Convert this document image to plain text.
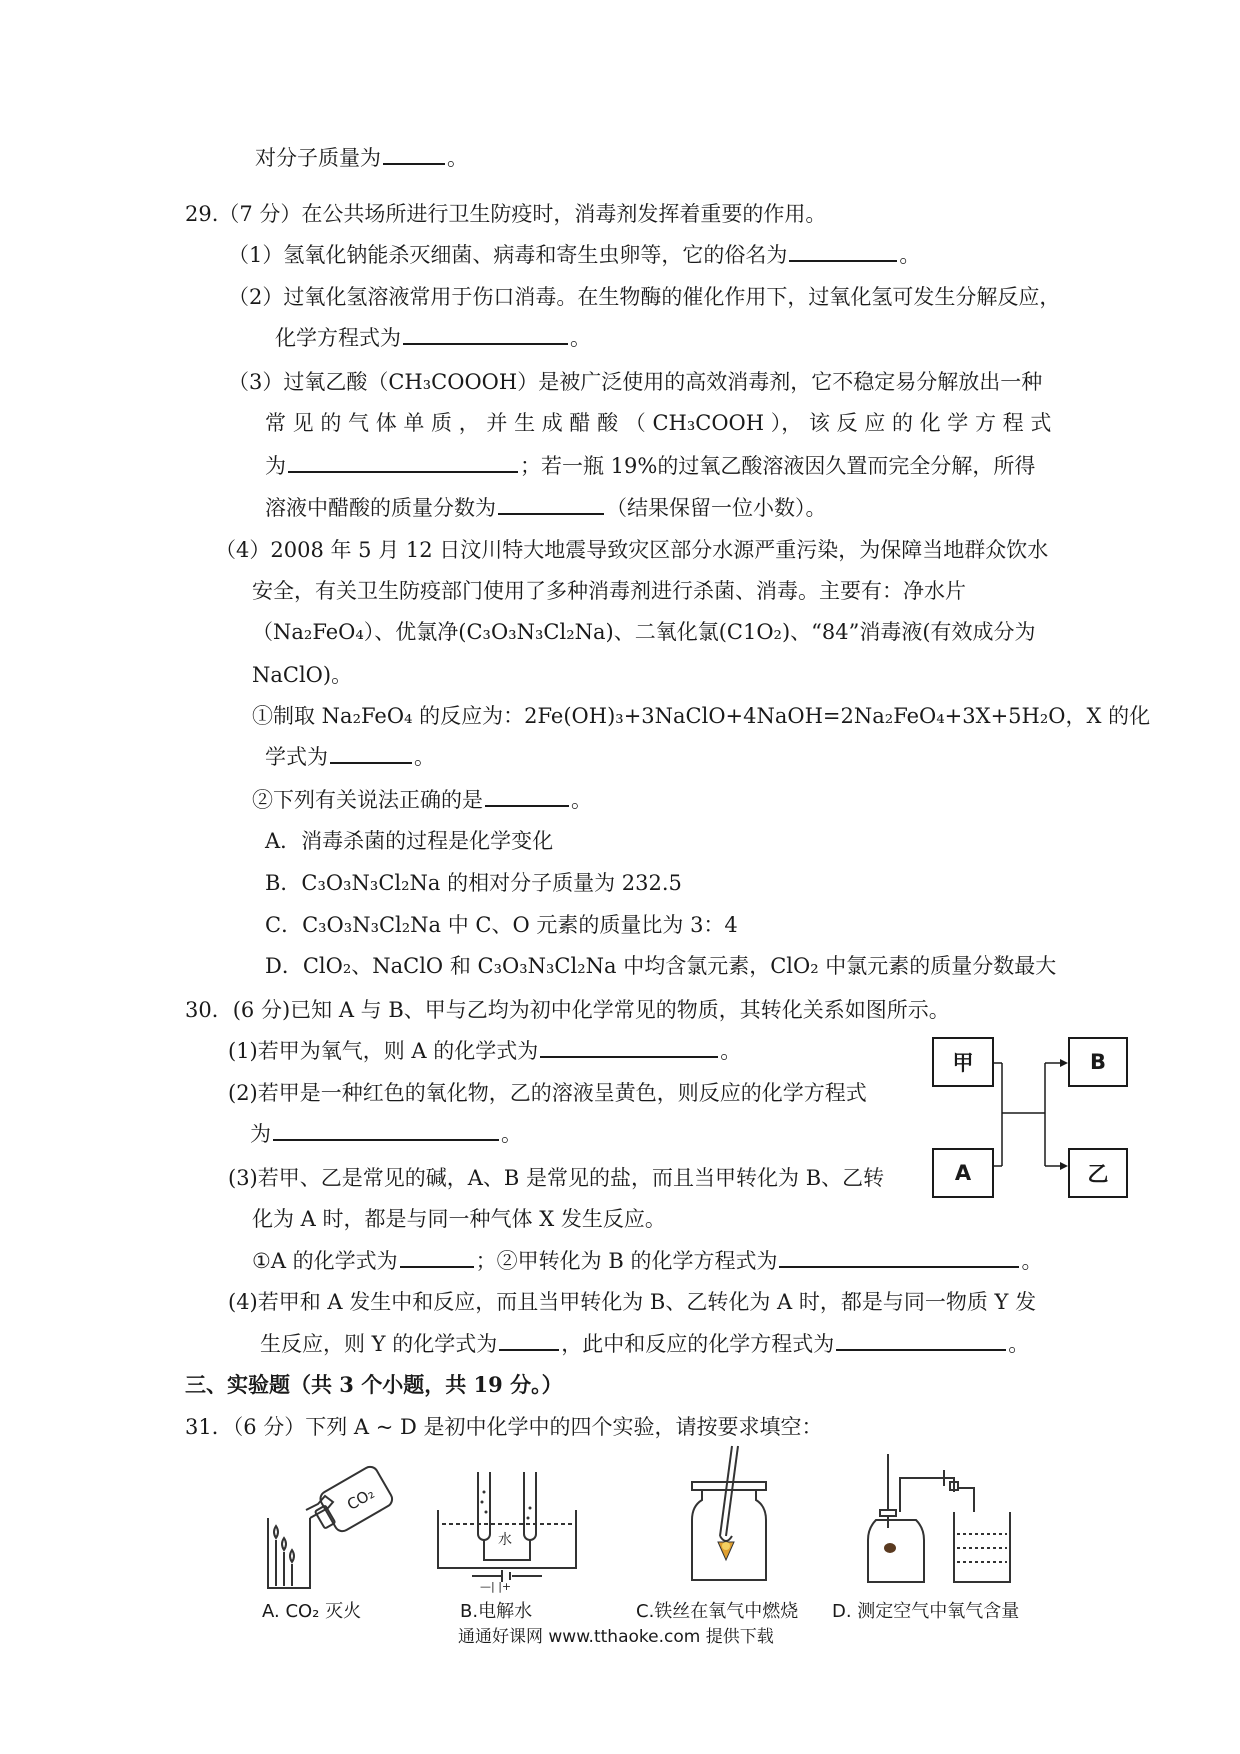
对分子质量为	。
29.（7 分）在公共场所进行卫生防疫时，消毒剂发挥着重要的作用。
（1）氢氧化钠能杀灭细菌、病毒和寄生虫卵等，它的俗名为	。
（2）过氧化氢溶液常用于伤口消毒。在生物酶的催化作用下，过氧化氢可发生分解反应，
化学方程式为	。
（3）过氧乙酸（CH₃COOOH）是被广泛使用的高效消毒剂，它不稳定易分解放出一种
常 见 的 气 体 单 质 ， 并 生 成 醋 酸 （ CH₃COOH ）， 该 反 应 的 化 学 方 程 式
为	；若一瓶 19%的过氧乙酸溶液因久置而完全分解，所得
溶液中醋酸的质量分数为	（结果保留一位小数）。
（4）2008 年 5 月 12 日汶川特大地震导致灾区部分水源严重污染，为保障当地群众饮水
安全，有关卫生防疫部门使用了多种消毒剂进行杀菌、消毒。主要有：净水片
（Na₂FeO₄）、优氯净(C₃O₃N₃Cl₂Na)、二氧化氯(C1O₂)、“84”消毒液(有效成分为
NaClO)。
①制取 Na₂FeO₄ 的反应为：2Fe(OH)₃+3NaClO+4NaOH=2Na₂FeO₄+3X+5H₂O，X 的化
学式为	。
②下列有关说法正确的是	。
A．消毒杀菌的过程是化学变化
B．C₃O₃N₃Cl₂Na 的相对分子质量为 232.5
C．C₃O₃N₃Cl₂Na 中 C、O 元素的质量比为 3：4
D．ClO₂、NaClO 和 C₃O₃N₃Cl₂Na 中均含氯元素，ClO₂ 中氯元素的质量分数最大
30．(6 分)已知 A 与 B、甲与乙均为初中化学常见的物质，其转化关系如图所示。
(1)若甲为氧气，则 A 的化学式为	。
(2)若甲是一种红色的氧化物，乙的溶液呈黄色，则反应的化学方程式
为	。
(3)若甲、乙是常见的碱，A、B 是常见的盐，而且当甲转化为 B、乙转
化为 A 时，都是与同一种气体 X 发生反应。
①A 的化学式为	；②甲转化为 B 的化学方程式为	。
(4)若甲和 A 发生中和反应，而且当甲转化为 B、乙转化为 A 时，都是与同一物质 Y 发
生反应，则 Y 的化学式为	，此中和反应的化学方程式为	。
三、实验题（共 3 个小题，共 19 分。）
31．（6 分）下列 A ~ D 是初中化学中的四个实验，请按要求填空：
甲	B
A	乙
CO₂
A. CO₂ 灭火
水
—| |+
B.电解水	C.铁丝在氧气中燃烧 D. 测定空气中氧气含量
通通好课网 www.tthaoke.com 提供下载
